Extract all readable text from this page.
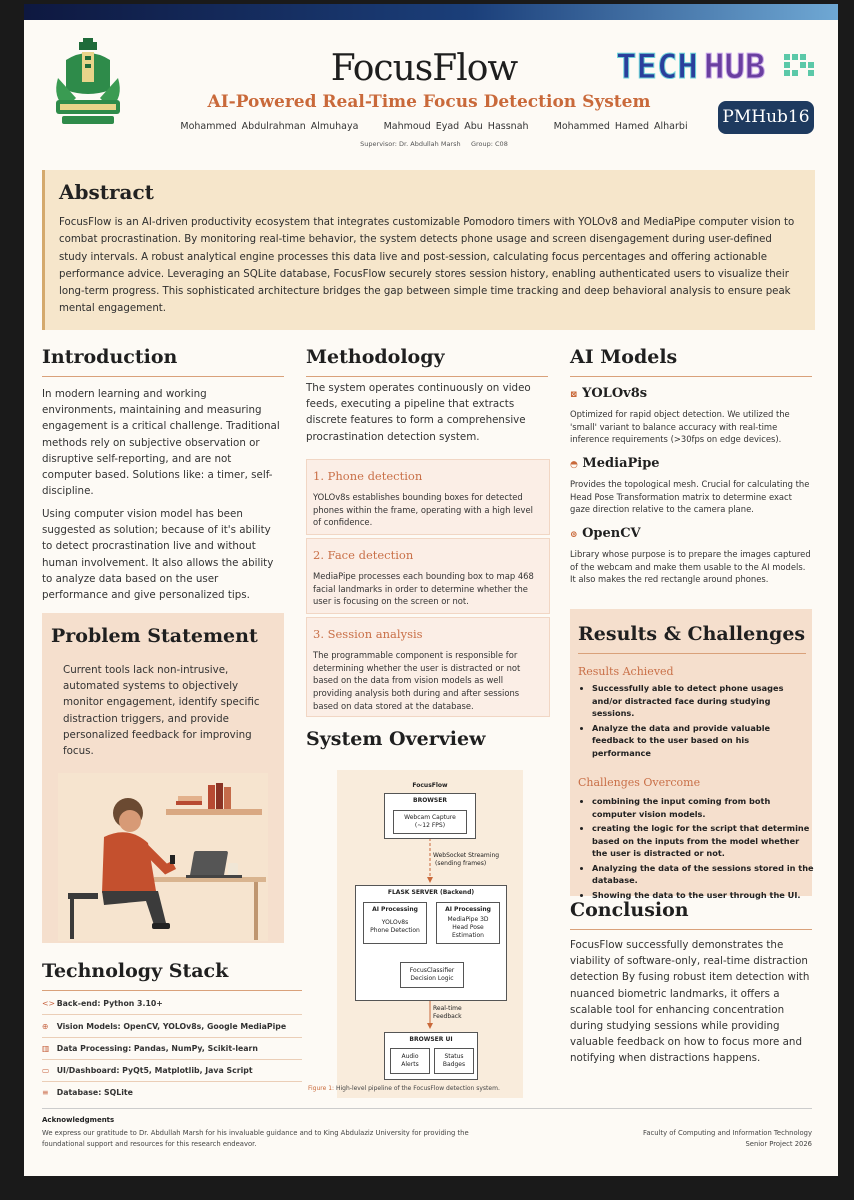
FocusFlow
AI-Powered Real-Time Focus Detection System
Mohammed Abdulrahman Almuhaya	Mahmoud Eyad Abu Hassnah	Mohammed Hamed Alharbi
Supervisor: Dr. Abdullah Marsh Group: C08
TECH HUB
PMHub16
Abstract
FocusFlow is an AI-driven productivity ecosystem that integrates customizable Pomodoro timers with YOLOv8 and MediaPipe computer vision to combat procrastination. By monitoring real-time behavior, the system detects phone usage and screen disengagement during user-defined study intervals. A robust analytical engine processes this data live and post-session, calculating focus percentages and offering actionable performance advice. Leveraging an SQLite database, FocusFlow securely stores session history, enabling authenticated users to visualize their long-term progress. This sophisticated architecture bridges the gap between simple time tracking and deep behavioral analysis to ensure peak mental engagement.
Introduction
In modern learning and working environments, maintaining and measuring engagement is a critical challenge. Traditional methods rely on subjective observation or disruptive self-reporting, and are not computer based. Solutions like: a timer, self-discipline.
Using computer vision model has been suggested as solution; because of it's ability to detect procrastination live and without human involvement. It also allows the ability to analyze data based on the user performance and give personalized tips.
Problem Statement
Current tools lack non-intrusive, automated systems to objectively monitor engagement, identify specific distraction triggers, and provide personalized feedback for improving focus.
Technology Stack
<> Back-end: Python 3.10+
⊕ Vision Models: OpenCV, YOLOv8s, Google MediaPipe
▥ Data Processing: Pandas, NumPy, Scikit-learn
▭ UI/Dashboard: PyQt5, Matplotlib, Java Script
≡ Database: SQLite
Methodology
The system operates continuously on video feeds, executing a pipeline that extracts discrete features to form a comprehensive procrastination detection system.
1. Phone detection
YOLOv8s establishes bounding boxes for detected phones within the frame, operating with a high level of confidence.
2. Face detection
MediaPipe processes each bounding box to map 468 facial landmarks in order to determine whether the user is focusing on the screen or not.
3. Session analysis
The programmable component is responsible for determining whether the user is distracted or not based on the data from vision models as well providing analysis both during and after sessions based on data stored at the database.
System Overview
FocusFlow
BROWSER
Webcam Capture
(~12 FPS)
WebSocket Streaming
(sending frames)
FLASK SERVER (Backend)
AI Processing
YOLOv8s
Phone Detection
AI Processing
MediaPipe 3D
Head Pose
Estimation
FocusClassifier
Decision Logic
Real-time
Feedback
BROWSER UI
Audio
Alerts
Status
Badges
Figure 1: High-level pipeline of the FocusFlow detection system.
AI Models
⊠ YOLOv8s
Optimized for rapid object detection. We utilized the 'small' variant to balance accuracy with real-time inference requirements (>30fps on edge devices).
◓ MediaPipe
Provides the topological mesh. Crucial for calculating the Head Pose Transformation matrix to determine exact gaze direction relative to the camera plane.
⊚ OpenCV
Library whose purpose is to prepare the images captured of the webcam and make them usable to the AI models. It also makes the red rectangle around phones.
Results & Challenges
Results Achieved
• Successfully able to detect phone usages and/or distracted face during studying sessions.
• Analyze the data and provide valuable feedback to the user based on his performance
Challenges Overcome
• combining the input coming from both computer vision models.
• creating the logic for the script that determine based on the inputs from the model whether the user is distracted or not.
• Analyzing the data of the sessions stored in the database.
• Showing the data to the user through the UI.
Conclusion
FocusFlow successfully demonstrates the viability of software-only, real-time distraction detection By fusing robust item detection with nuanced biometric landmarks, it offers a scalable tool for enhancing concentration during studying sessions while providing valuable feedback on how to focus more and notifying when distractions happens.
Acknowledgments
We express our gratitude to Dr. Abdullah Marsh for his invaluable guidance and to King Abdulaziz University for providing the foundational support and resources for this research endeavor.
Faculty of Computing and Information Technology
Senior Project 2026
